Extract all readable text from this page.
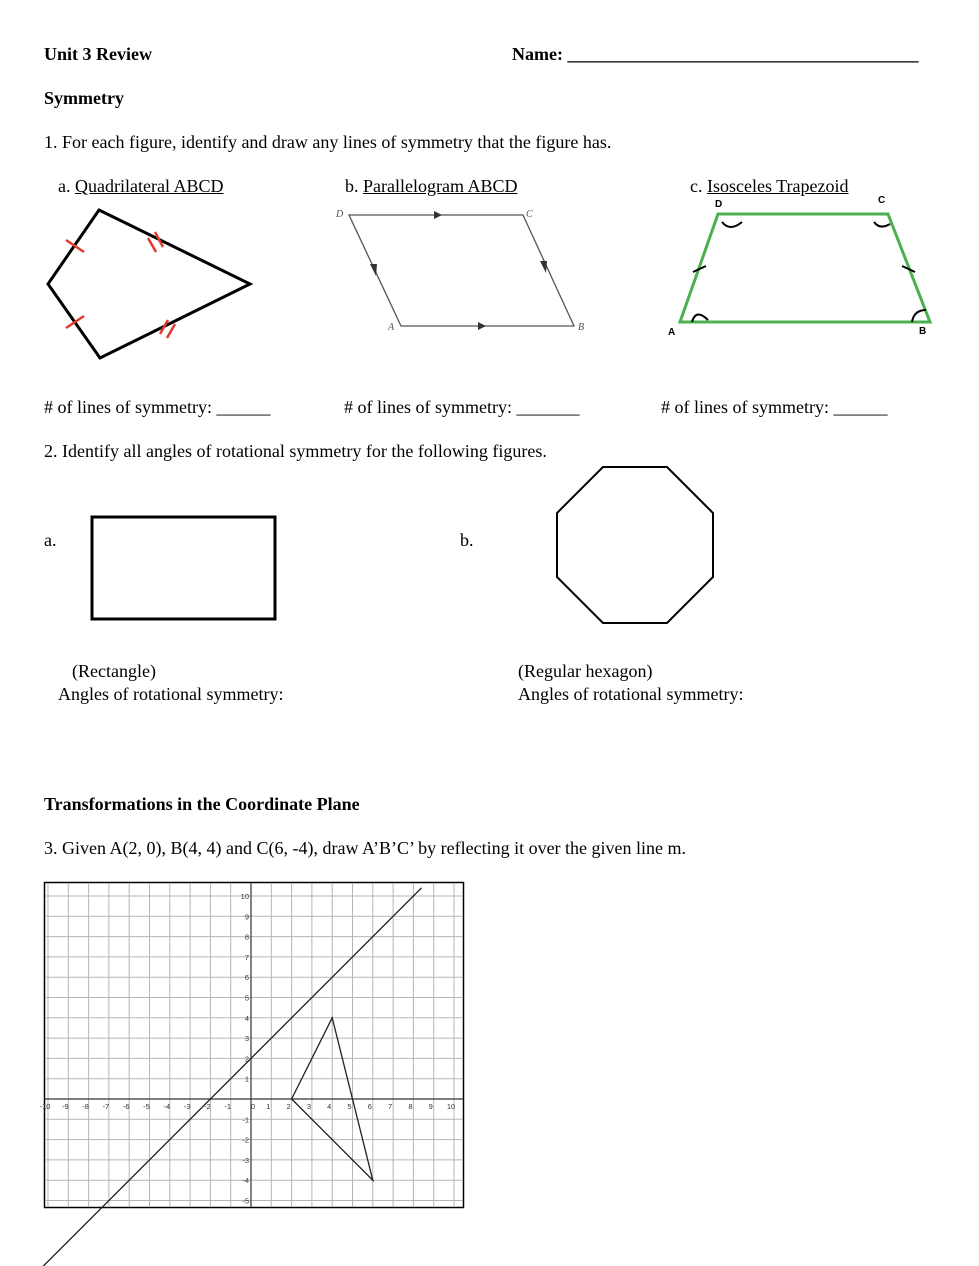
Unit 3 Review	Name: _______________________________________
Symmetry
1. For each figure, identify and draw any lines of symmetry that the figure has.
a. Quadrilateral ABCD	b. Parallelogram ABCD	c. Isosceles Trapezoid
D	C
A	B
D	C
A	B
# of lines of symmetry: ______	# of lines of symmetry: _______	# of lines of symmetry: ______
2. Identify all angles of rotational symmetry for the following figures.
a.	b.
(Rectangle)
Angles of rotational symmetry:
(Regular hexagon)
Angles of rotational symmetry:
Transformations in the Coordinate Plane
3. Given A(2, 0), B(4, 4) and C(6, -4), draw A’B’C’ by reflecting it over the given line m.
-10 -9 -8 -7 -6 -5 -4 -3 -2 -1	0 1 2 3 4 5 6 7 8 9 10
10
9
8
7
6
5
4
3
2
1
-1
-2
-3
-4
-5
